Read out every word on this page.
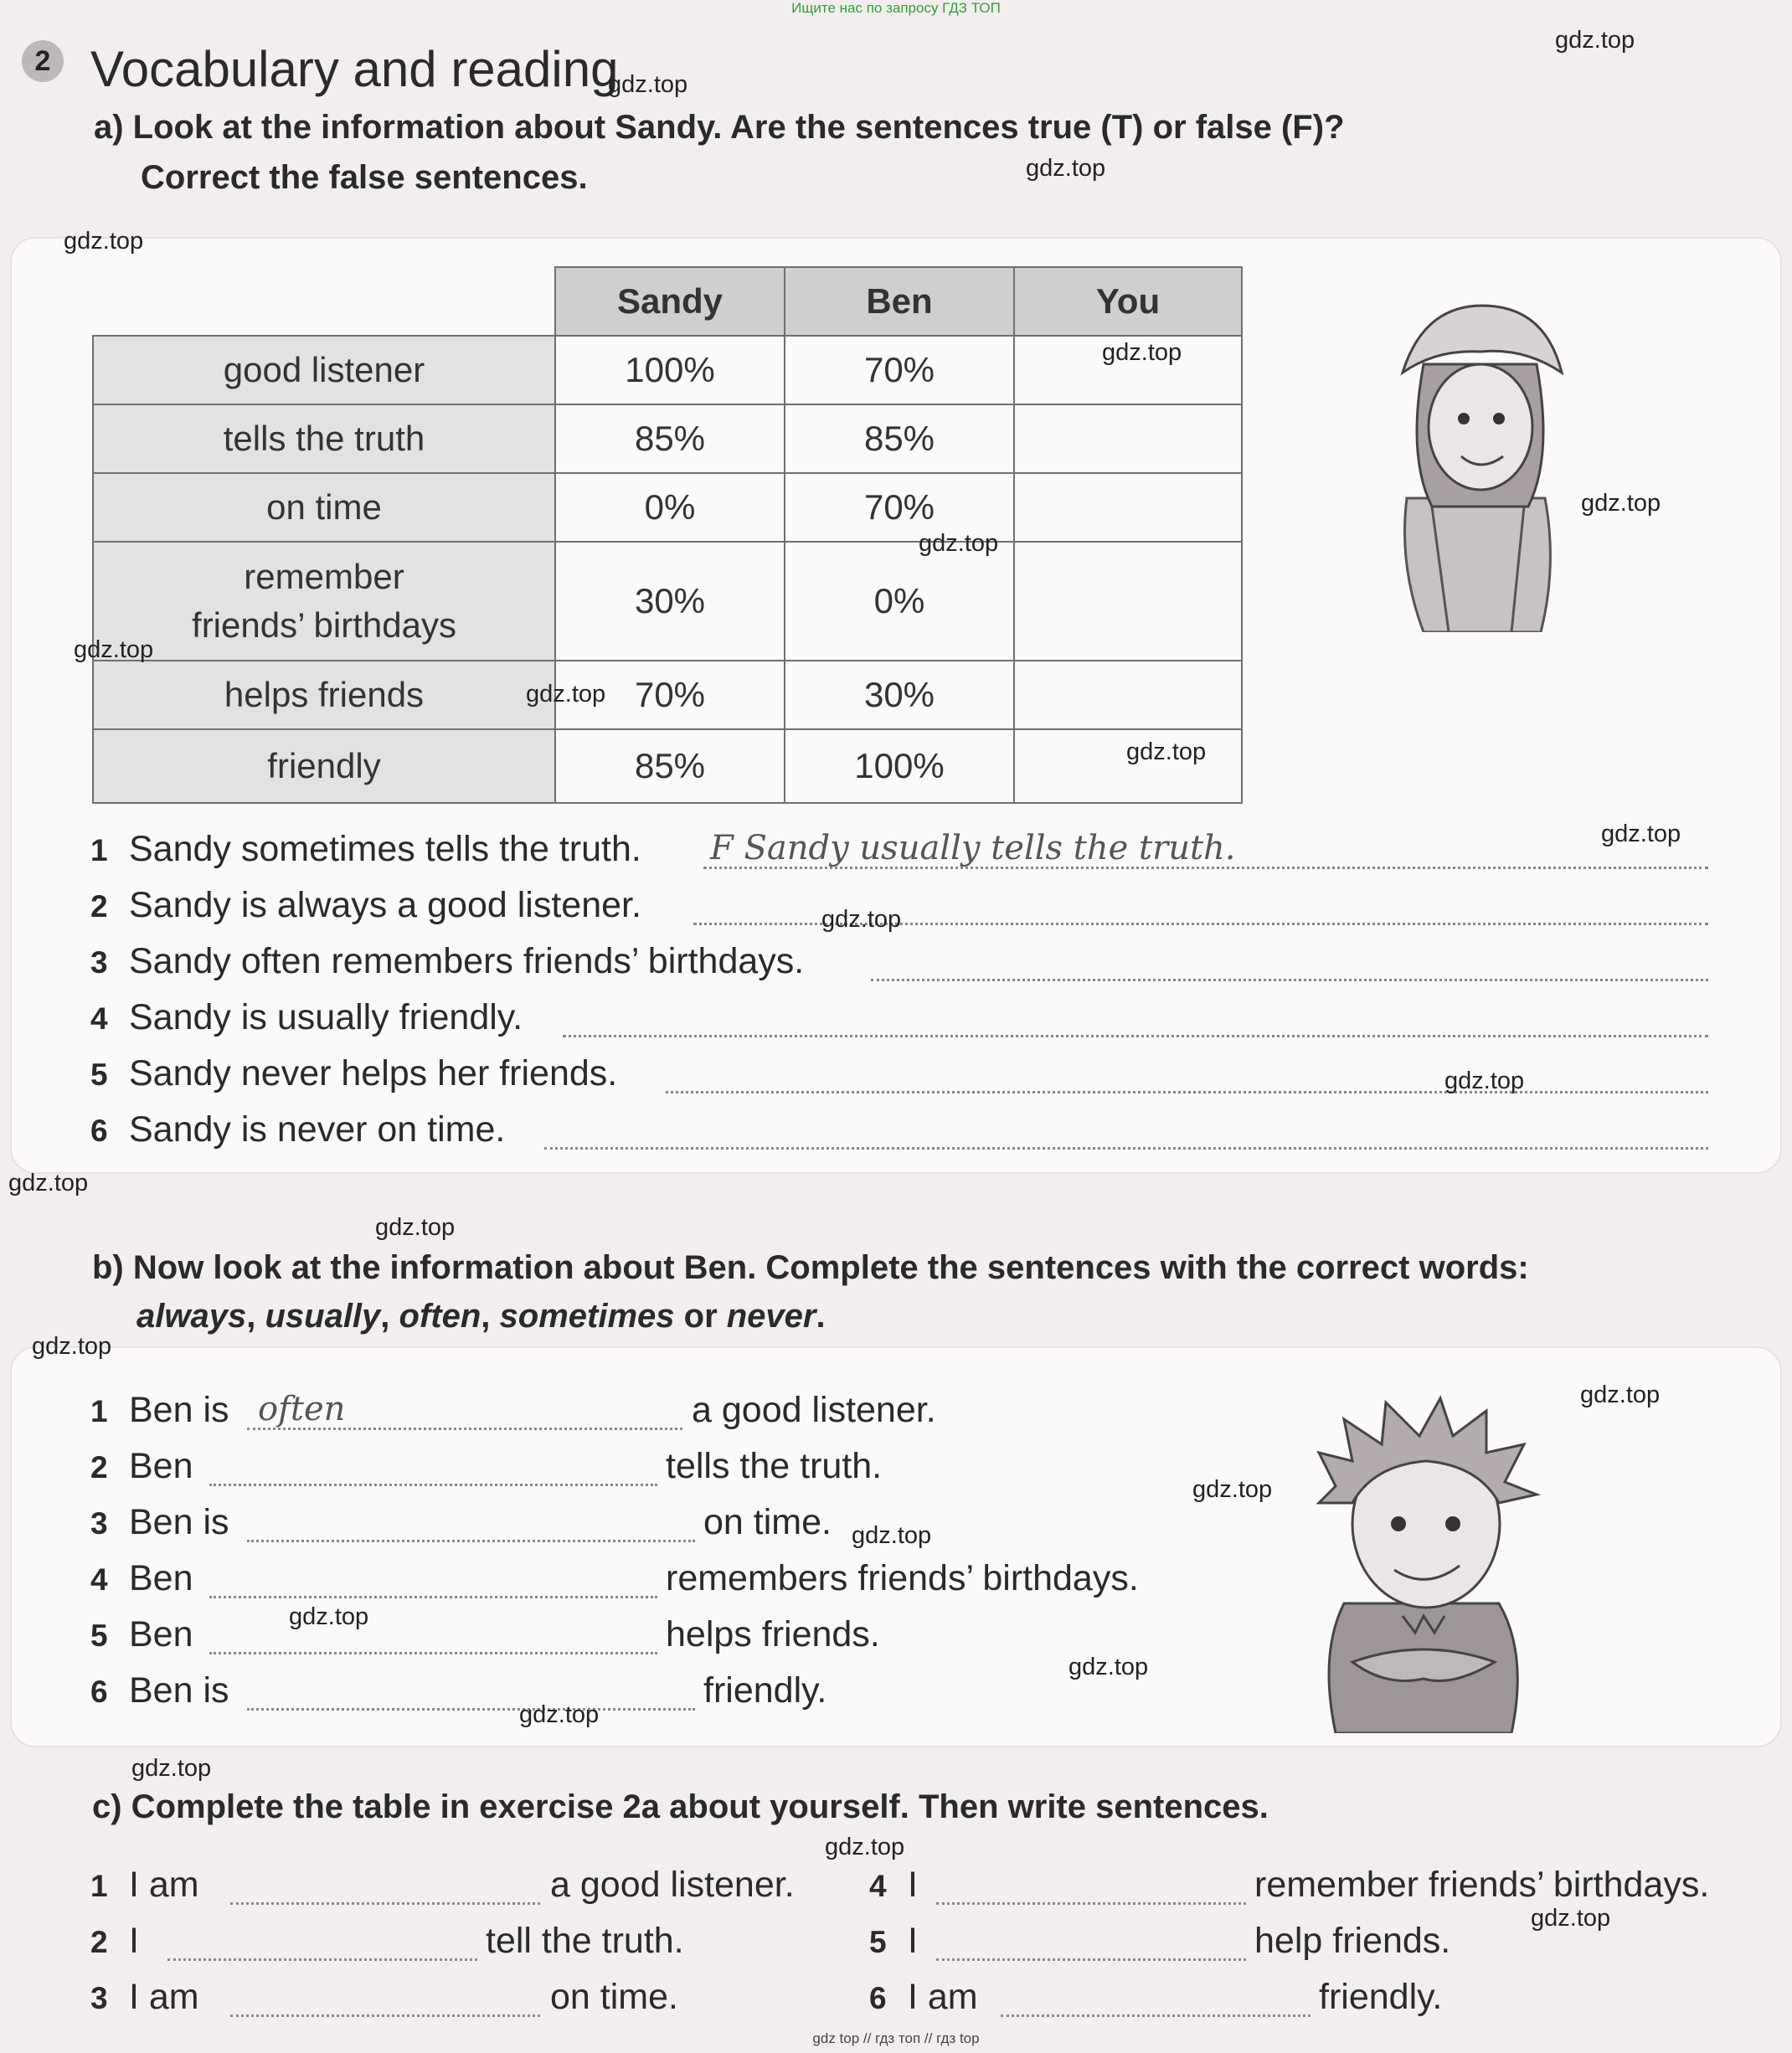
Ищите нас по запросу ГДЗ ТОП
2 Vocabulary and reading
a) Look at the information about Sandy. Are the sentences true (T) or false (F)?
Correct the false sentences.
	Sandy	Ben	You
good listener	100%	70%	
tells the truth	85%	85%	
on time	0%	70%	

remember
friends’ birthdays	30%	0%	
helps friends	70%	30%	
friendly	85%	100%	
1 Sandy sometimes tells the truth. F Sandy usually tells the truth.
2 Sandy is always a good listener.
3 Sandy often remembers friends’ birthdays.
4 Sandy is usually friendly.
5 Sandy never helps her friends.
6 Sandy is never on time.
b) Now look at the information about Ben. Complete the sentences with the correct words:
always, usually, often, sometimes or never.
1 Ben is often	a good listener.
2 Ben	tells the truth.
3 Ben is	on time.
4 Ben	remembers friends’ birthdays.
5 Ben	helps friends.
6 Ben is	friendly.
c) Complete the table in exercise 2a about yourself. Then write sentences.
1 I am	a good listener.
2 I	tell the truth.
3 I am	on time.
4 I	remember friends’ birthdays.
5 I	help friends.
6 I am	friendly.
gdz.top
gdz.top
gdz.top
gdz.top
gdz.top
gdz.top
gdz.top
gdz.top
gdz.top
gdz.top
gdz.top
gdz.top
gdz.top
gdz.top
gdz.top
gdz.top
gdz.top
gdz.top
gdz.top
gdz.top
gdz.top
gdz.top
gdz.top
gdz.top
gdz.top
gdz top // гдз топ // гдз top
